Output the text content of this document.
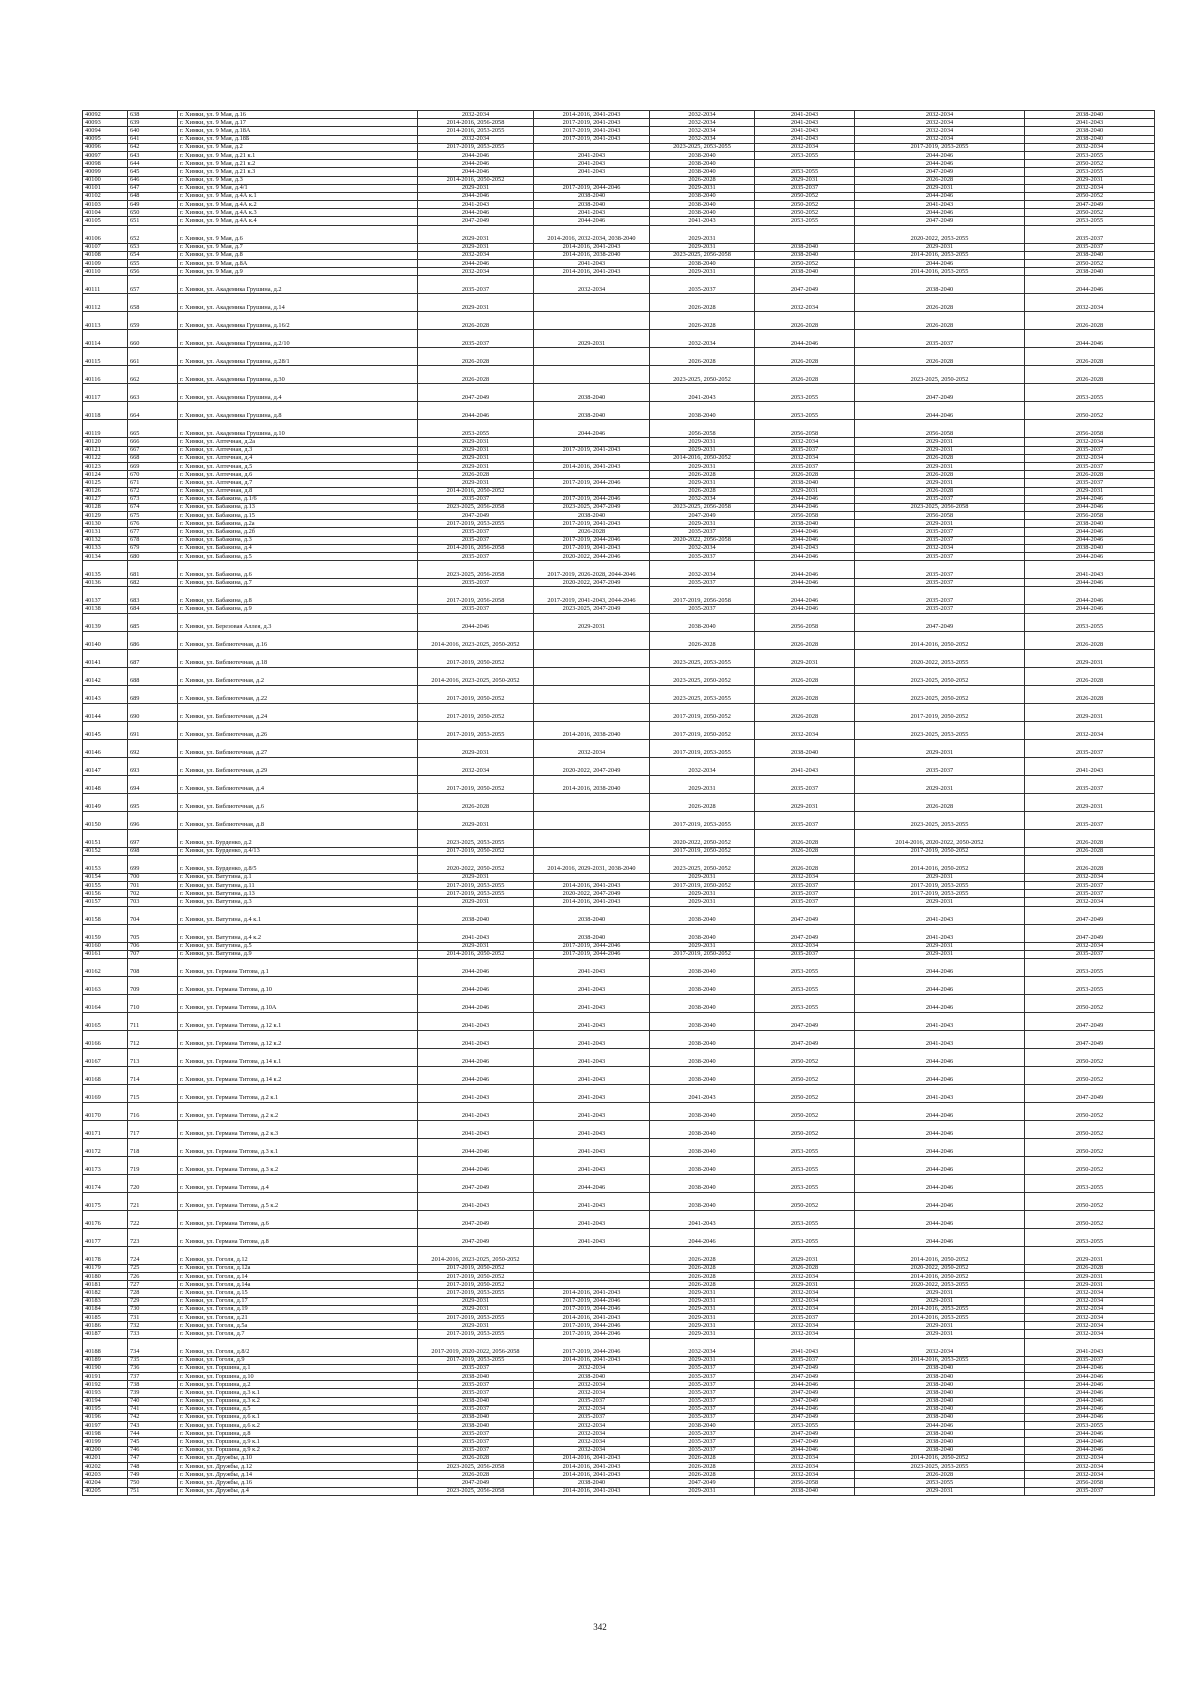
40092	638	г. Химки, ул. 9 Мая, д.16	2032-2034	2014-2016, 2041-2043	2032-2034	2041-2043	2032-2034	2038-2040
40093	639	г. Химки, ул. 9 Мая, д.17	2014-2016, 2056-2058	2017-2019, 2041-2043	2032-2034	2041-2043	2032-2034	2041-2043
40094	640	г. Химки, ул. 9 Мая, д.18А	2014-2016, 2053-2055	2017-2019, 2041-2043	2032-2034	2041-2043	2032-2034	2038-2040
40095	641	г. Химки, ул. 9 Мая, д.18Б	2032-2034	2017-2019, 2041-2043	2032-2034	2041-2043	2032-2034	2038-2040
40096	642	г. Химки, ул. 9 Мая, д.2	2017-2019, 2053-2055		2023-2025, 2053-2055	2032-2034	2017-2019, 2053-2055	2032-2034
40097	643	г. Химки, ул. 9 Мая, д.21 к.1	2044-2046	2041-2043	2038-2040	2053-2055	2044-2046	2053-2055
40098	644	г. Химки, ул. 9 Мая, д.21 к.2	2044-2046	2041-2043	2038-2040		2044-2046	2050-2052
40099	645	г. Химки, ул. 9 Мая, д.21 к.3	2044-2046	2041-2043	2038-2040	2053-2055	2047-2049	2053-2055
40100	646	г. Химки, ул. 9 Мая, д.3	2014-2016, 2050-2052		2026-2028	2029-2031	2026-2028	2029-2031
40101	647	г. Химки, ул. 9 Мая, д.4/1	2029-2031	2017-2019, 2044-2046	2029-2031	2035-2037	2029-2031	2032-2034
40102	648	г. Химки, ул. 9 Мая, д.4А к.1	2044-2046	2038-2040	2038-2040	2050-2052	2044-2046	2050-2052
40103	649	г. Химки, ул. 9 Мая, д.4А к.2	2041-2043	2038-2040	2038-2040	2050-2052	2041-2043	2047-2049
40104	650	г. Химки, ул. 9 Мая, д.4А к.3	2044-2046	2041-2043	2038-2040	2050-2052	2044-2046	2050-2052
40105	651	г. Химки, ул. 9 Мая, д.4А к.4	2047-2049	2044-2046	2041-2043	2053-2055	2047-2049	2053-2055
40106	652	г. Химки, ул. 9 Мая, д.6	2029-2031	2014-2016, 2032-2034, 2038-2040	2029-2031		2020-2022, 2053-2055	2035-2037
40107	653	г. Химки, ул. 9 Мая, д.7	2029-2031	2014-2016, 2041-2043	2029-2031	2038-2040	2029-2031	2035-2037
40108	654	г. Химки, ул. 9 Мая, д.8	2032-2034	2014-2016, 2038-2040	2023-2025, 2056-2058	2038-2040	2014-2016, 2053-2055	2038-2040
40109	655	г. Химки, ул. 9 Мая, д.8А	2044-2046	2041-2043	2038-2040	2050-2052	2044-2046	2050-2052
40110	656	г. Химки, ул. 9 Мая, д.9	2032-2034	2014-2016, 2041-2043	2029-2031	2038-2040	2014-2016, 2053-2055	2038-2040
40111	657	г. Химки, ул. Академика Грушина, д.2	2035-2037	2032-2034	2035-2037	2047-2049	2038-2040	2044-2046
40112	658	г. Химки, ул. Академика Грушина, д.14	2029-2031		2026-2028	2032-2034	2026-2028	2032-2034
40113	659	г. Химки, ул. Академика Грушина, д.16/2	2026-2028		2026-2028	2026-2028	2026-2028	2026-2028
40114	660	г. Химки, ул. Академика Грушина, д.2/10	2035-2037	2029-2031	2032-2034	2044-2046	2035-2037	2044-2046
40115	661	г. Химки, ул. Академика Грушина, д.28/1	2026-2028		2026-2028	2026-2028	2026-2028	2026-2028
40116	662	г. Химки, ул. Академика Грушина, д.30	2026-2028		2023-2025, 2050-2052	2026-2028	2023-2025, 2050-2052	2026-2028
40117	663	г. Химки, ул. Академика Грушина, д.4	2047-2049	2038-2040	2041-2043	2053-2055	2047-2049	2053-2055
40118	664	г. Химки, ул. Академика Грушина, д.8	2044-2046	2038-2040	2038-2040	2053-2055	2044-2046	2050-2052
40119	665	г. Химки, ул. Академика Грушина, д.10	2053-2055	2044-2046	2056-2058	2056-2058	2056-2058	2056-2058
40120	666	г. Химки, ул. Аптечная, д.2а	2029-2031		2029-2031	2032-2034	2029-2031	2032-2034
40121	667	г. Химки, ул. Аптечная, д.3	2029-2031	2017-2019, 2041-2043	2029-2031	2035-2037	2029-2031	2035-2037
40122	668	г. Химки, ул. Аптечная, д.4	2029-2031		2014-2016, 2050-2052	2032-2034	2026-2028	2032-2034
40123	669	г. Химки, ул. Аптечная, д.5	2029-2031	2014-2016, 2041-2043	2029-2031	2035-2037	2029-2031	2035-2037
40124	670	г. Химки, ул. Аптечная, д.6	2026-2028		2026-2028	2026-2028	2026-2028	2026-2028
40125	671	г. Химки, ул. Аптечная, д.7	2029-2031	2017-2019, 2044-2046	2029-2031	2038-2040	2029-2031	2035-2037
40126	672	г. Химки, ул. Аптечная, д.8	2014-2016, 2050-2052		2026-2028	2029-2031	2026-2028	2029-2031
40127	673	г. Химки, ул. Бабакина, д.1/6	2035-2037	2017-2019, 2044-2046	2032-2034	2044-2046	2035-2037	2044-2046
40128	674	г. Химки, ул. Бабакина, д.13	2023-2025, 2056-2058	2023-2025, 2047-2049	2023-2025, 2056-2058	2044-2046	2023-2025, 2056-2058	2044-2046
40129	675	г. Химки, ул. Бабакина, д.15	2047-2049	2038-2040	2047-2049	2056-2058	2056-2058	2056-2058
40130	676	г. Химки, ул. Бабакина, д.2а	2017-2019, 2053-2055	2017-2019, 2041-2043	2029-2031	2038-2040	2029-2031	2038-2040
40131	677	г. Химки, ул. Бабакина, д.2б	2035-2037	2026-2028	2035-2037	2044-2046	2035-2037	2044-2046
40132	678	г. Химки, ул. Бабакина, д.3	2035-2037	2017-2019, 2044-2046	2020-2022, 2056-2058	2044-2046	2035-2037	2044-2046
40133	679	г. Химки, ул. Бабакина, д.4	2014-2016, 2056-2058	2017-2019, 2041-2043	2032-2034	2041-2043	2032-2034	2038-2040
40134	680	г. Химки, ул. Бабакина, д.5	2035-2037	2020-2022, 2044-2046	2035-2037	2044-2046	2035-2037	2044-2046
40135	681	г. Химки, ул. Бабакина, д.6	2023-2025, 2056-2058	2017-2019, 2026-2028, 2044-2046	2032-2034	2044-2046	2035-2037	2041-2043
40136	682	г. Химки, ул. Бабакина, д.7	2035-2037	2020-2022, 2047-2049	2035-2037	2044-2046	2035-2037	2044-2046
40137	683	г. Химки, ул. Бабакина, д.8	2017-2019, 2056-2058	2017-2019, 2041-2043, 2044-2046	2017-2019, 2056-2058	2044-2046	2035-2037	2044-2046
40138	684	г. Химки, ул. Бабакина, д.9	2035-2037	2023-2025, 2047-2049	2035-2037	2044-2046	2035-2037	2044-2046
40139	685	г. Химки, ул. Березовая Аллея, д.3	2044-2046	2029-2031	2038-2040	2056-2058	2047-2049	2053-2055
40140	686	г. Химки, ул. Библиотечная, д.16	2014-2016, 2023-2025, 2050-2052		2026-2028	2026-2028	2014-2016, 2050-2052	2026-2028
40141	687	г. Химки, ул. Библиотечная, д.18	2017-2019, 2050-2052		2023-2025, 2053-2055	2029-2031	2020-2022, 2053-2055	2029-2031
40142	688	г. Химки, ул. Библиотечная, д.2	2014-2016, 2023-2025, 2050-2052		2023-2025, 2050-2052	2026-2028	2023-2025, 2050-2052	2026-2028
40143	689	г. Химки, ул. Библиотечная, д.22	2017-2019, 2050-2052		2023-2025, 2053-2055	2026-2028	2023-2025, 2050-2052	2026-2028
40144	690	г. Химки, ул. Библиотечная, д.24	2017-2019, 2050-2052		2017-2019, 2050-2052	2026-2028	2017-2019, 2050-2052	2029-2031
40145	691	г. Химки, ул. Библиотечная, д.26	2017-2019, 2053-2055	2014-2016, 2038-2040	2017-2019, 2050-2052	2032-2034	2023-2025, 2053-2055	2032-2034
40146	692	г. Химки, ул. Библиотечная, д.27	2029-2031	2032-2034	2017-2019, 2053-2055	2038-2040	2029-2031	2035-2037
40147	693	г. Химки, ул. Библиотечная, д.29	2032-2034	2020-2022, 2047-2049	2032-2034	2041-2043	2035-2037	2041-2043
40148	694	г. Химки, ул. Библиотечная, д.4	2017-2019, 2050-2052	2014-2016, 2038-2040	2029-2031	2035-2037	2029-2031	2035-2037
40149	695	г. Химки, ул. Библиотечная, д.6	2026-2028		2026-2028	2029-2031	2026-2028	2029-2031
40150	696	г. Химки, ул. Библиотечная, д.8	2029-2031		2017-2019, 2053-2055	2035-2037	2023-2025, 2053-2055	2035-2037
40151	697	г. Химки, ул. Бурденко, д.2	2023-2025, 2053-2055		2020-2022, 2050-2052	2026-2028	2014-2016, 2020-2022, 2050-2052	2026-2028
40152	698	г. Химки, ул. Бурденко, д.4/13	2017-2019, 2050-2052		2017-2019, 2050-2052	2026-2028	2017-2019, 2050-2052	2026-2028
40153	699	г. Химки, ул. Бурденко, д.8/5	2020-2022, 2050-2052	2014-2016, 2029-2031, 2038-2040	2023-2025, 2050-2052	2026-2028	2014-2016, 2050-2052	2026-2028
40154	700	г. Химки, ул. Ватутина, д.1	2029-2031		2029-2031	2032-2034	2029-2031	2032-2034
40155	701	г. Химки, ул. Ватутина, д.11	2017-2019, 2053-2055	2014-2016, 2041-2043	2017-2019, 2050-2052	2035-2037	2017-2019, 2053-2055	2035-2037
40156	702	г. Химки, ул. Ватутина, д.13	2017-2019, 2053-2055	2020-2022, 2047-2049	2029-2031	2035-2037	2017-2019, 2053-2055	2035-2037
40157	703	г. Химки, ул. Ватутина, д.3	2029-2031	2014-2016, 2041-2043	2029-2031	2035-2037	2029-2031	2032-2034
40158	704	г. Химки, ул. Ватутина, д.4 к.1	2038-2040	2038-2040	2038-2040	2047-2049	2041-2043	2047-2049
40159	705	г. Химки, ул. Ватутина, д.4 к.2	2041-2043	2038-2040	2038-2040	2047-2049	2041-2043	2047-2049
40160	706	г. Химки, ул. Ватутина, д.5	2029-2031	2017-2019, 2044-2046	2029-2031	2032-2034	2029-2031	2032-2034
40161	707	г. Химки, ул. Ватутина, д.9	2014-2016, 2050-2052	2017-2019, 2044-2046	2017-2019, 2050-2052	2035-2037	2029-2031	2035-2037
40162	708	г. Химки, ул. Германа Титова, д.1	2044-2046	2041-2043	2038-2040	2053-2055	2044-2046	2053-2055
40163	709	г. Химки, ул. Германа Титова, д.10	2044-2046	2041-2043	2038-2040	2053-2055	2044-2046	2053-2055
40164	710	г. Химки, ул. Германа Титова, д.10А	2044-2046	2041-2043	2038-2040	2053-2055	2044-2046	2050-2052
40165	711	г. Химки, ул. Германа Титова, д.12 к.1	2041-2043	2041-2043	2038-2040	2047-2049	2041-2043	2047-2049
40166	712	г. Химки, ул. Германа Титова, д.12 к.2	2041-2043	2041-2043	2038-2040	2047-2049	2041-2043	2047-2049
40167	713	г. Химки, ул. Германа Титова, д.14 к.1	2044-2046	2041-2043	2038-2040	2050-2052	2044-2046	2050-2052
40168	714	г. Химки, ул. Германа Титова, д.14 к.2	2044-2046	2041-2043	2038-2040	2050-2052	2044-2046	2050-2052
40169	715	г. Химки, ул. Германа Титова, д.2 к.1	2041-2043	2041-2043	2041-2043	2050-2052	2041-2043	2047-2049
40170	716	г. Химки, ул. Германа Титова, д.2 к.2	2041-2043	2041-2043	2038-2040	2050-2052	2044-2046	2050-2052
40171	717	г. Химки, ул. Германа Титова, д.2 к.3	2041-2043	2041-2043	2038-2040	2050-2052	2044-2046	2050-2052
40172	718	г. Химки, ул. Германа Титова, д.3 к.1	2044-2046	2041-2043	2038-2040	2053-2055	2044-2046	2050-2052
40173	719	г. Химки, ул. Германа Титова, д.3 к.2	2044-2046	2041-2043	2038-2040	2053-2055	2044-2046	2050-2052
40174	720	г. Химки, ул. Германа Титова, д.4	2047-2049	2044-2046	2038-2040	2053-2055	2044-2046	2053-2055
40175	721	г. Химки, ул. Германа Титова, д.5 к.2	2041-2043	2041-2043	2038-2040	2050-2052	2044-2046	2050-2052
40176	722	г. Химки, ул. Германа Титова, д.6	2047-2049	2041-2043	2041-2043	2053-2055	2044-2046	2050-2052
40177	723	г. Химки, ул. Германа Титова, д.8	2047-2049	2041-2043	2044-2046	2053-2055	2044-2046	2053-2055
40178	724	г. Химки, ул. Гоголя, д.12	2014-2016, 2023-2025, 2050-2052		2026-2028	2029-2031	2014-2016, 2050-2052	2029-2031
40179	725	г. Химки, ул. Гоголя, д.12а	2017-2019, 2050-2052		2026-2028	2026-2028	2020-2022, 2050-2052	2026-2028
40180	726	г. Химки, ул. Гоголя, д.14	2017-2019, 2050-2052		2026-2028	2032-2034	2014-2016, 2050-2052	2029-2031
40181	727	г. Химки, ул. Гоголя, д.14а	2017-2019, 2050-2052		2026-2028	2029-2031	2020-2022, 2053-2055	2029-2031
40182	728	г. Химки, ул. Гоголя, д.15	2017-2019, 2053-2055	2014-2016, 2041-2043	2029-2031	2032-2034	2029-2031	2032-2034
40183	729	г. Химки, ул. Гоголя, д.17	2029-2031	2017-2019, 2044-2046	2029-2031	2032-2034	2029-2031	2032-2034
40184	730	г. Химки, ул. Гоголя, д.19	2029-2031	2017-2019, 2044-2046	2029-2031	2032-2034	2014-2016, 2053-2055	2032-2034
40185	731	г. Химки, ул. Гоголя, д.21	2017-2019, 2053-2055	2014-2016, 2041-2043	2029-2031	2035-2037	2014-2016, 2053-2055	2032-2034
40186	732	г. Химки, ул. Гоголя, д.5а	2029-2031	2017-2019, 2044-2046	2029-2031	2032-2034	2029-2031	2032-2034
40187	733	г. Химки, ул. Гоголя, д.7	2017-2019, 2053-2055	2017-2019, 2044-2046	2029-2031	2032-2034	2029-2031	2032-2034
40188	734	г. Химки, ул. Гоголя, д.8/2	2017-2019, 2020-2022, 2056-2058	2017-2019, 2044-2046	2032-2034	2041-2043	2032-2034	2041-2043
40189	735	г. Химки, ул. Гоголя, д.9	2017-2019, 2053-2055	2014-2016, 2041-2043	2029-2031	2035-2037	2014-2016, 2053-2055	2035-2037
40190	736	г. Химки, ул. Горшина, д.1	2035-2037	2032-2034	2035-2037	2047-2049	2038-2040	2044-2046
40191	737	г. Химки, ул. Горшина, д.10	2038-2040	2038-2040	2035-2037	2047-2049	2038-2040	2044-2046
40192	738	г. Химки, ул. Горшина, д.2	2035-2037	2032-2034	2035-2037	2044-2046	2038-2040	2044-2046
40193	739	г. Химки, ул. Горшина, д.3 к.1	2035-2037	2032-2034	2035-2037	2047-2049	2038-2040	2044-2046
40194	740	г. Химки, ул. Горшина, д.3 к.2	2038-2040	2035-2037	2035-2037	2047-2049	2038-2040	2044-2046
40195	741	г. Химки, ул. Горшина, д.5	2035-2037	2032-2034	2035-2037	2044-2046	2038-2040	2044-2046
40196	742	г. Химки, ул. Горшина, д.6 к.1	2038-2040	2035-2037	2035-2037	2047-2049	2038-2040	2044-2046
40197	743	г. Химки, ул. Горшина, д.6 к.2	2038-2040	2032-2034	2038-2040	2053-2055	2044-2046	2053-2055
40198	744	г. Химки, ул. Горшина, д.8	2035-2037	2032-2034	2035-2037	2047-2049	2038-2040	2044-2046
40199	745	г. Химки, ул. Горшина, д.9 к.1	2035-2037	2032-2034	2035-2037	2047-2049	2038-2040	2044-2046
40200	746	г. Химки, ул. Горшина, д.9 к.2	2035-2037	2032-2034	2035-2037	2044-2046	2038-2040	2044-2046
40201	747	г. Химки, ул. Дружбы, д.10	2026-2028	2014-2016, 2041-2043	2026-2028	2032-2034	2014-2016, 2050-2052	2032-2034
40202	748	г. Химки, ул. Дружбы, д.12	2023-2025, 2056-2058	2014-2016, 2041-2043	2026-2028	2032-2034	2023-2025, 2053-2055	2032-2034
40203	749	г. Химки, ул. Дружбы, д.14	2026-2028	2014-2016, 2041-2043	2026-2028	2032-2034	2026-2028	2032-2034
40204	750	г. Химки, ул. Дружбы, д.16	2047-2049	2038-2040	2047-2049	2056-2058	2053-2055	2056-2058
40205	751	г. Химки, ул. Дружбы, д.4	2023-2025, 2056-2058	2014-2016, 2041-2043	2029-2031	2038-2040	2029-2031	2035-2037
342
